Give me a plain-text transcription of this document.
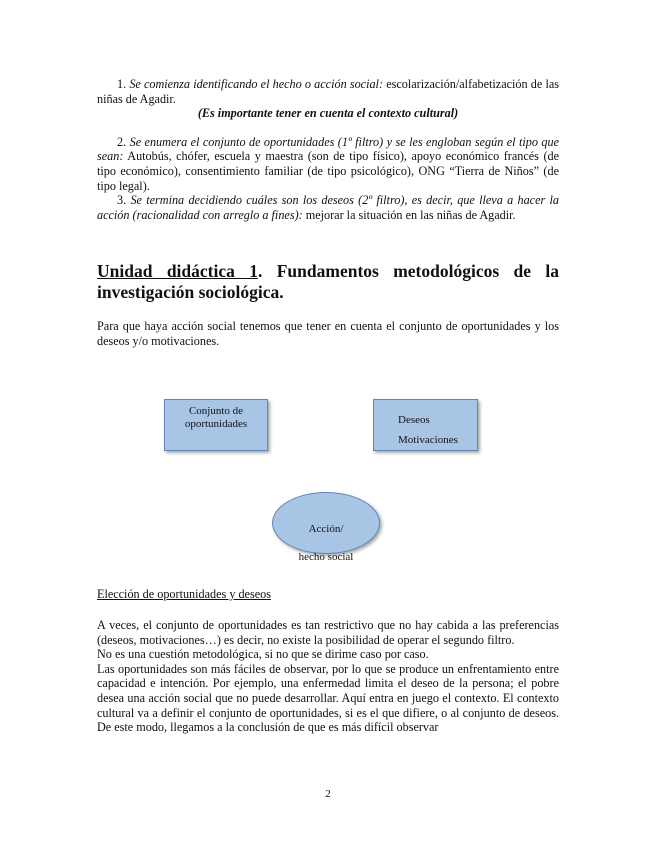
1. Se comienza identificando el hecho o acción social: escolarización/alfabetización de las niñas de Agadir.
(Es importante tener en cuenta el contexto cultural)
2. Se enumera el conjunto de oportunidades (1º filtro) y se les engloban según el tipo que sean: Autobús, chófer, escuela y maestra (son de tipo físico), apoyo económico francés (de tipo económico), consentimiento familiar (de tipo psicológico), ONG “Tierra de Niños” (de tipo legal).
3. Se termina decidiendo cuáles son los deseos (2º filtro), es decir, que lleva a hacer la acción (racionalidad con arreglo a fines): mejorar la situación en las niñas de Agadir.
Unidad didáctica 1. Fundamentos metodológicos de la investigación sociológica.
Para que haya acción social tenemos que tener en cuenta el conjunto de oportunidades y los deseos y/o motivaciones.
Conjunto de oportunidades	Deseos
Motivaciones
Acción/
hecho social
Elección de oportunidades y deseos
A veces, el conjunto de oportunidades es tan restrictivo que no hay cabida a las preferencias (deseos, motivaciones…) es decir, no existe la posibilidad de operar el segundo filtro.
No es una cuestión metodológica, si no que se dirime caso por caso.
Las oportunidades son más fáciles de observar, por lo que se produce un enfrentamiento entre capacidad e intención. Por ejemplo, una enfermedad limita el deseo de la persona; el pobre desea una acción social que no puede desarrollar. Aquí entra en juego el contexto. El contexto cultural va a definir el conjunto de oportunidades, si es el que difiere, o al conjunto de deseos. De este modo, llegamos a la conclusión de que es más difícil observar
2
